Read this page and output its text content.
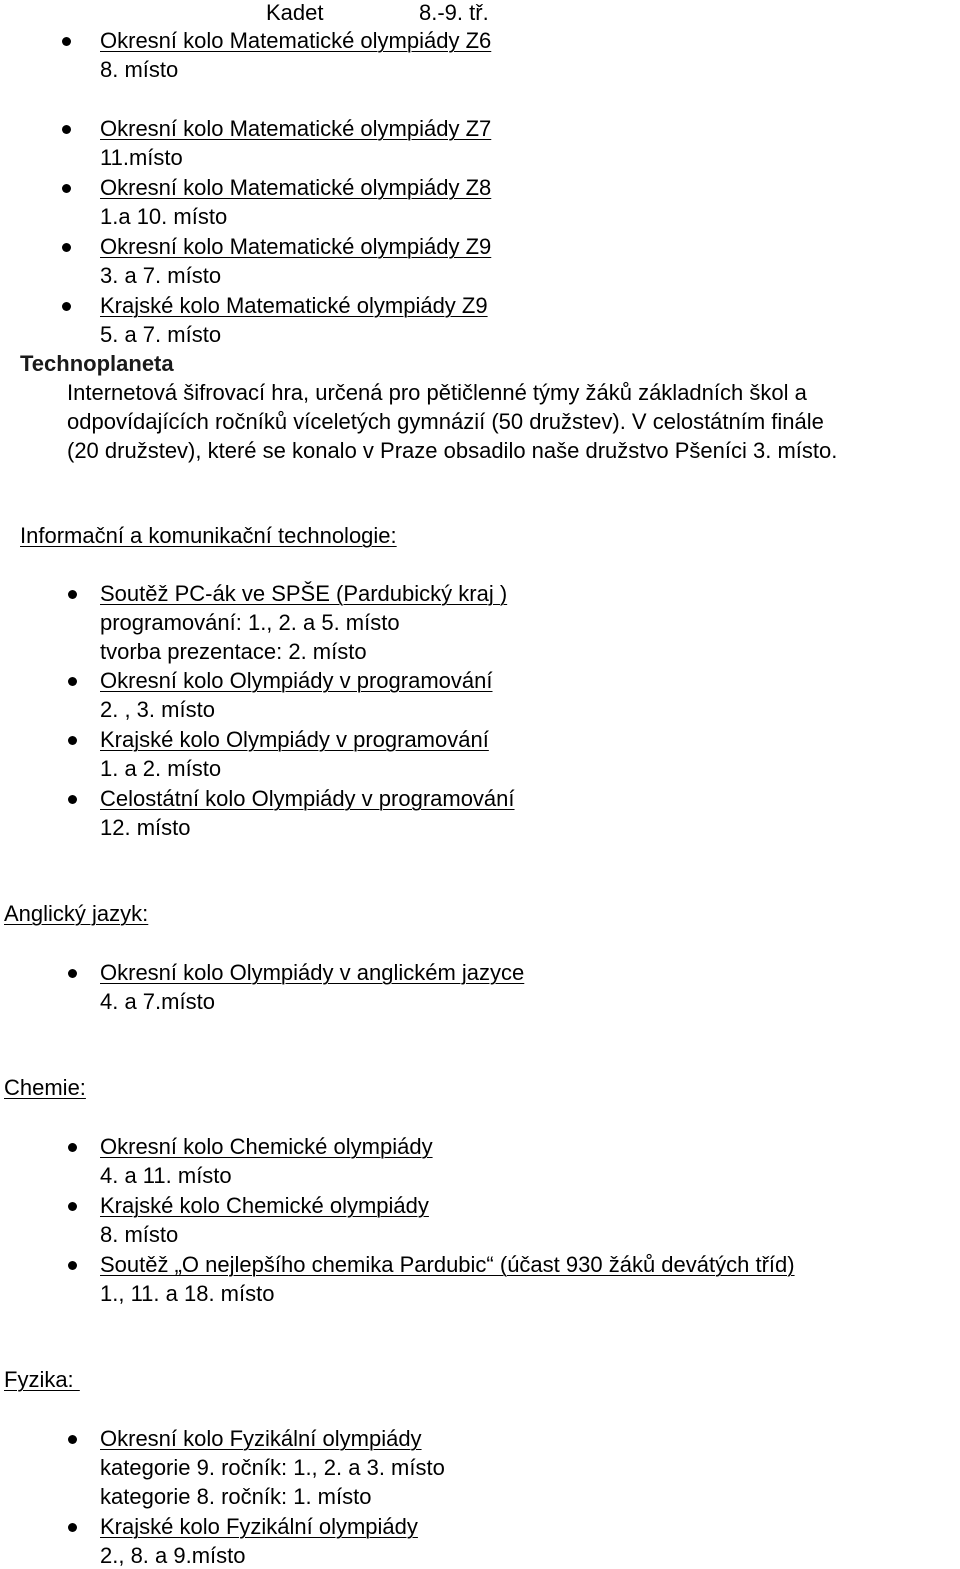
Kadet	8.-9. tř.
Okresní kolo Matematické olympiády Z6
8. místo
Okresní kolo Matematické olympiády Z7
11.místo
Okresní kolo Matematické olympiády Z8
1.a 10. místo
Okresní kolo Matematické olympiády Z9
3. a 7. místo
Krajské kolo Matematické olympiády Z9
5. a 7. místo
Technoplaneta
Internetová šifrovací hra, určená pro pětičlenné týmy žáků základních škol a
odpovídajících ročníků víceletých gymnázií (50 družstev). V celostátním finále
(20 družstev), které se konalo v Praze obsadilo naše družstvo Pšeníci 3. místo.
Informační a komunikační technologie:
Soutěž PC-ák ve SPŠE (Pardubický kraj )
programování: 1., 2. a 5. místo
tvorba prezentace: 2. místo
Okresní kolo Olympiády v programování
2. , 3. místo
Krajské kolo Olympiády v programování
1. a 2. místo
Celostátní kolo Olympiády v programování
12. místo
Anglický jazyk:
Okresní kolo Olympiády v anglickém jazyce
4. a 7.místo
Chemie:
Okresní kolo Chemické olympiády
4. a 11. místo
Krajské kolo Chemické olympiády
8. místo
Soutěž „O nejlepšího chemika Pardubic“ (účast 930 žáků devátých tříd)
1., 11. a 18. místo
Fyzika:
Okresní kolo Fyzikální olympiády
kategorie 9. ročník: 1., 2. a 3. místo
kategorie 8. ročník: 1. místo
Krajské kolo Fyzikální olympiády
2., 8. a 9.místo
